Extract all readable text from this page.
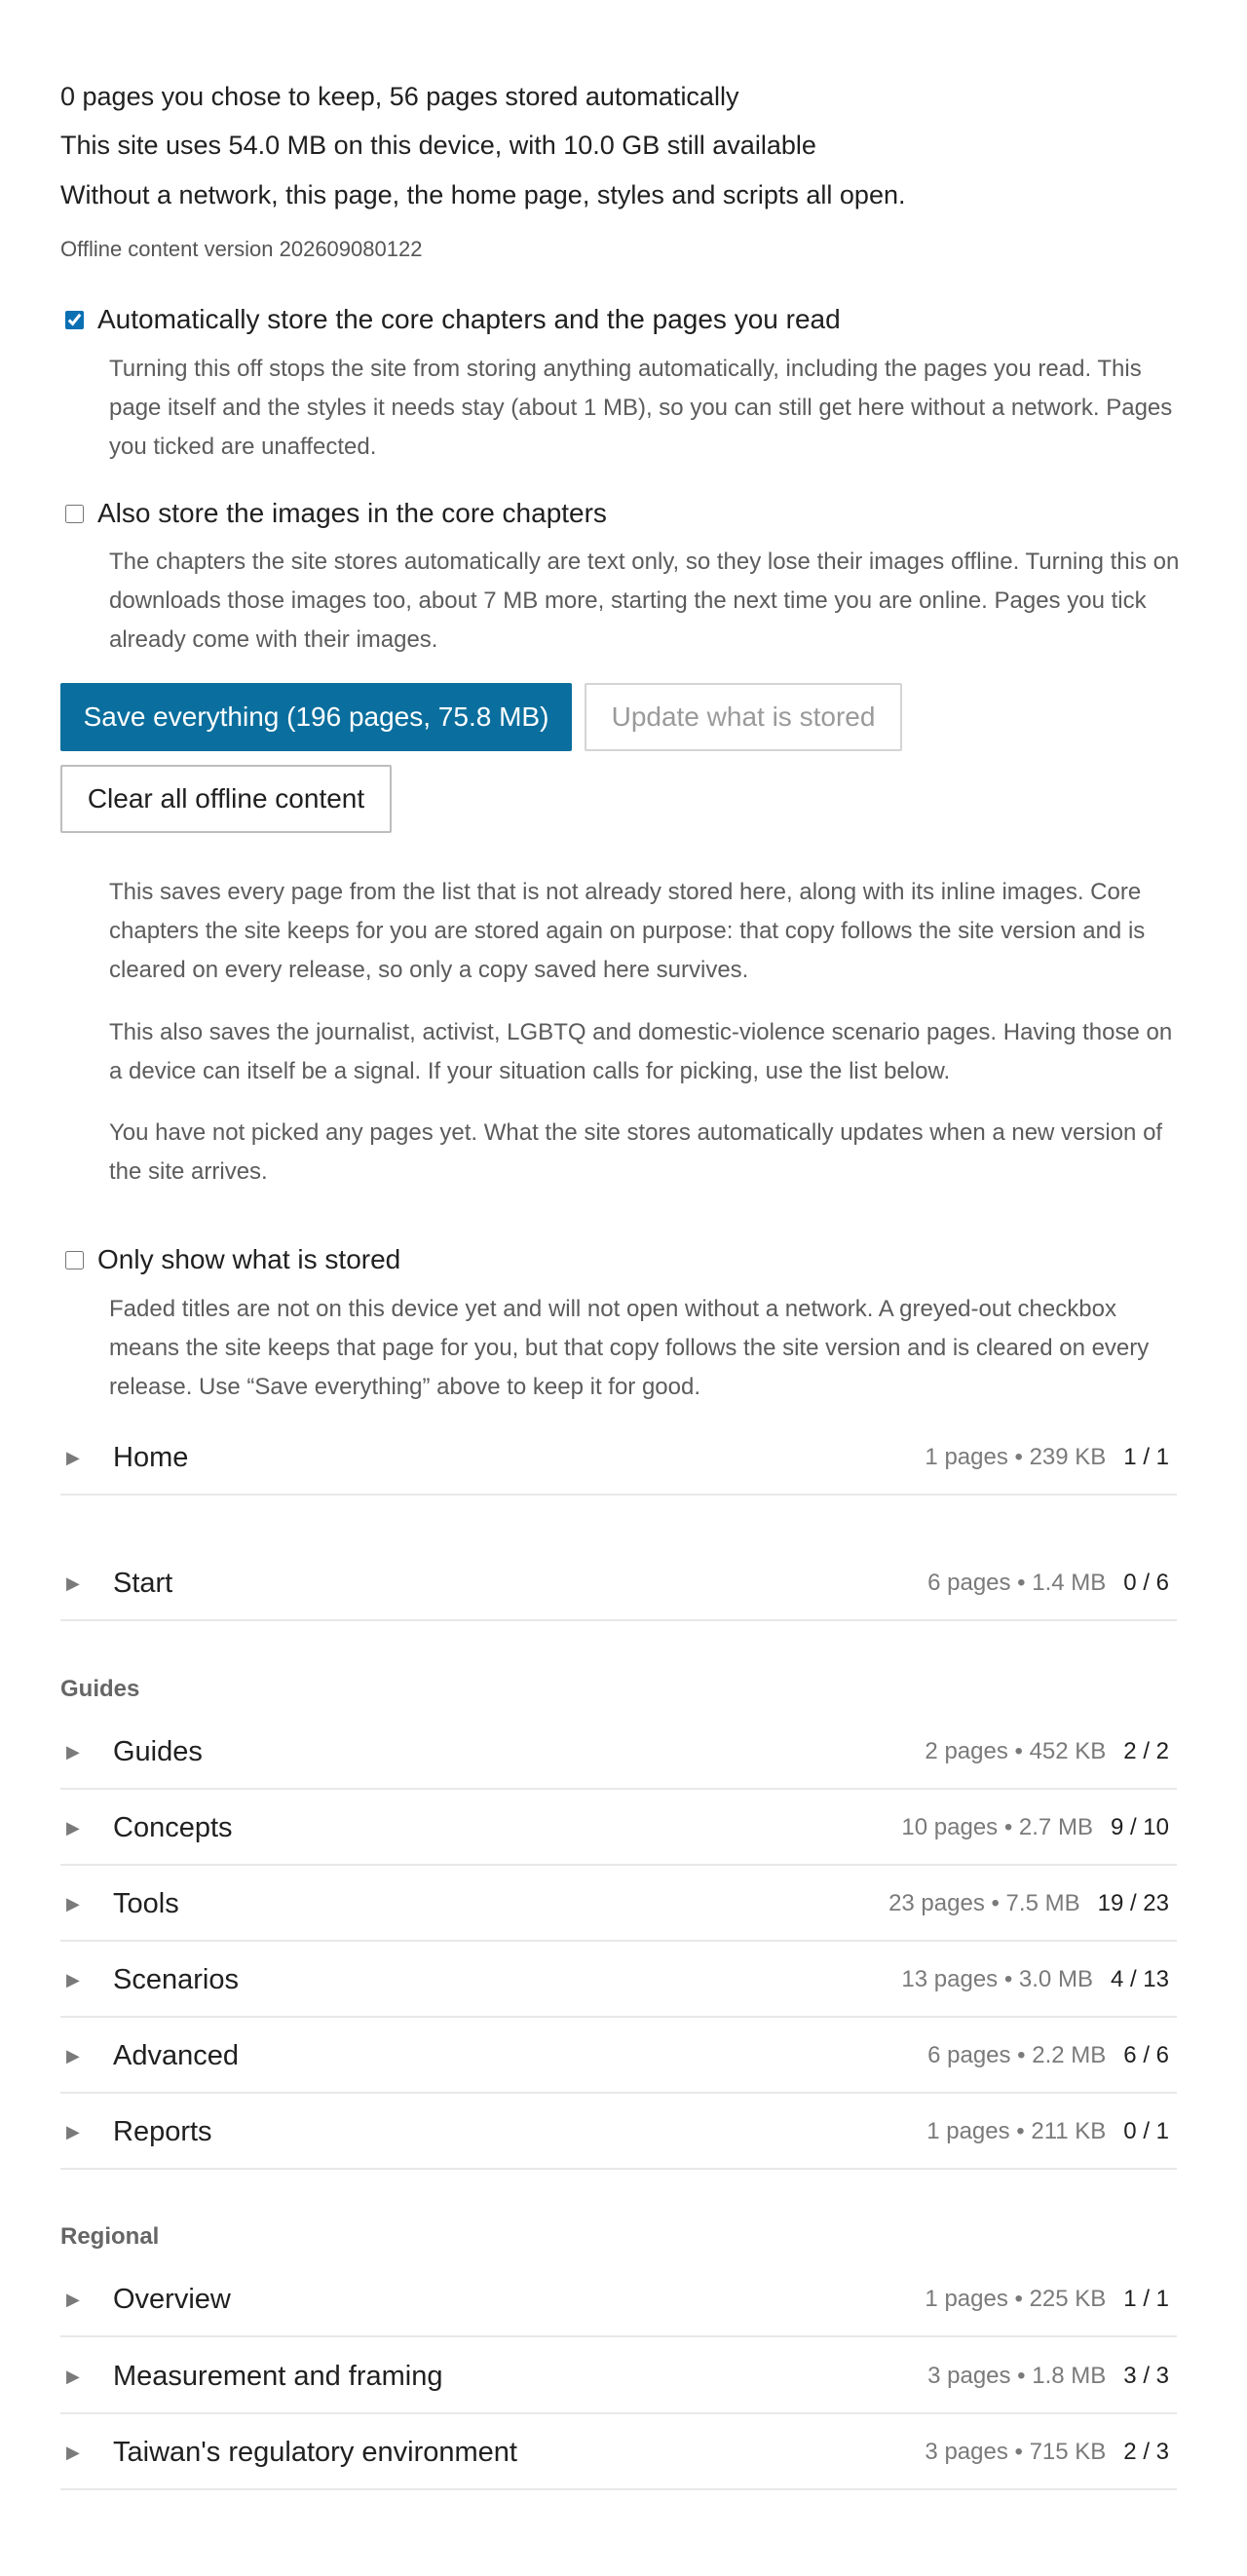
0 pages you chose to keep, 56 pages stored automatically
This site uses 54.0 MB on this device, with 10.0 GB still available
Without a network, this page, the home page, styles and scripts all open.
Offline content version 202609080122
Automatically store the core chapters and the pages you read

Turning this off stops the site from storing anything automatically, including the pages you read. This page itself and the styles it needs stay (about 1 MB), so you can still get here without a network. Pages you ticked are unaffected.

Also store the images in the core chapters

The chapters the site stores automatically are text only, so they lose their images offline. Turning this on downloads those images too, about 7 MB more, starting the next time you are online. Pages you tick already come with their images.

Save everything (196 pages, 75.8 MB)	Update what is stored
Clear all offline content

This saves every page from the list that is not already stored here, along with its inline images. Core chapters the site keeps for you are stored again on purpose: that copy follows the site version and is cleared on every release, so only a copy saved here survives.

This also saves the journalist, activist, LGBTQ and domestic-violence scenario pages. Having those on a device can itself be a signal. If your situation calls for picking, use the list below.

You have not picked any pages yet. What the site stores automatically updates when a new version of the site arrives.

Only show what is stored

Faded titles are not on this device yet and will not open without a network. A greyed-out checkbox means the site keeps that page for you, but that copy follows the site version and is cleared on every release. Use “Save everything” above to keep it for good.

▶ Home	1 pages • 239 KB 1 / 1
▶ Start	6 pages • 1.4 MB 0 / 6
Guides
▶ Guides	2 pages • 452 KB 2 / 2
▶ Concepts	10 pages • 2.7 MB 9 / 10
▶ Tools	23 pages • 7.5 MB 19 / 23
▶ Scenarios	13 pages • 3.0 MB 4 / 13
▶ Advanced	6 pages • 2.2 MB 6 / 6
▶ Reports	1 pages • 211 KB 0 / 1
Regional
▶ Overview	1 pages • 225 KB 1 / 1
▶ Measurement and framing	3 pages • 1.8 MB 3 / 3
▶ Taiwan's regulatory environment	3 pages • 715 KB 2 / 3
